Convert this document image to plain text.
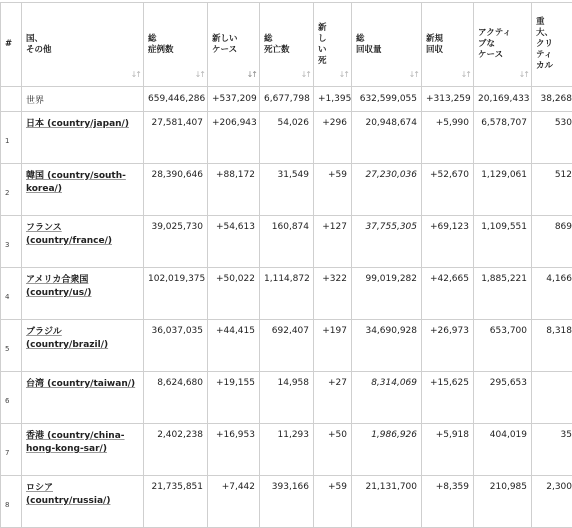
#	国、
その他
↓↑	総
症例数
↓↑	新しい
ケース
↓↑	総
死亡数
↓↑	新
し
い
死
↓↑	総
回収量
↓↑	新規
回収
↓↑	アクティ
ブな
ケース
↓↑	重
大、
クリ
ティ
カル

	世界	659,446,286	+537,209	6,677,798	+1,395	632,599,055	+313,259	20,169,433	38,268
1	日本 (country/japan/)	27,581,407	+206,943	54,026	+296	20,948,674	+5,990	6,578,707	530
2	韓国 (country/south-korea/)	28,390,646	+88,172	31,549	+59	27,230,036	+52,670	1,129,061	512
3	フランス (country/france/)	39,025,730	+54,613	160,874	+127	37,755,305	+69,123	1,109,551	869
4	アメリカ合衆国 (country/us/)	102,019,375	+50,022	1,114,872	+322	99,019,282	+42,665	1,885,221	4,166
5	ブラジル (country/brazil/)	36,037,035	+44,415	692,407	+197	34,690,928	+26,973	653,700	8,318
6	台湾 (country/taiwan/)	8,624,680	+19,155	14,958	+27	8,314,069	+15,625	295,653	
7	香港 (country/china-hong-kong-sar/)	2,402,238	+16,953	11,293	+50	1,986,926	+5,918	404,019	35
8	ロシア (country/russia/)	21,735,851	+7,442	393,166	+59	21,131,700	+8,359	210,985	2,300
